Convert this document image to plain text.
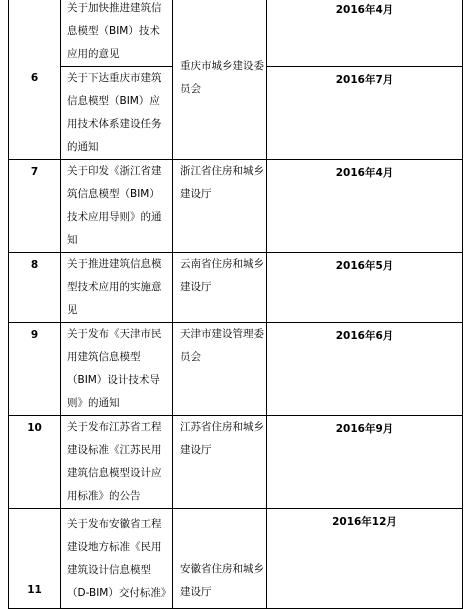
6	关于加快推进建筑信息模型（BIM）技术应用的意见	重庆市城乡建设委员会	2016年4月

	关于下达重庆市建筑信息模型（BIM）应用技术体系建设任务的通知		2016年7月

7	关于印发《浙江省建筑信息模型（BIM）技术应用导则》的通知	浙江省住房和城乡建设厅	2016年4月

8	关于推进建筑信息模型技术应用的实施意见	云南省住房和城乡建设厅	2016年5月

9	关于发布《天津市民用建筑信息模型（BIM）设计技术导则》的通知	天津市建设管理委员会	2016年6月

10	关于发布江苏省工程建设标准《江苏民用建筑信息模型设计应用标准》的公告	江苏省住房和城乡建设厅	2016年9月

11	关于发布安徽省工程建设地方标准《民用建筑设计信息模型（D-BIM）交付标准》	安徽省住房和城乡建设厅	2016年12月
